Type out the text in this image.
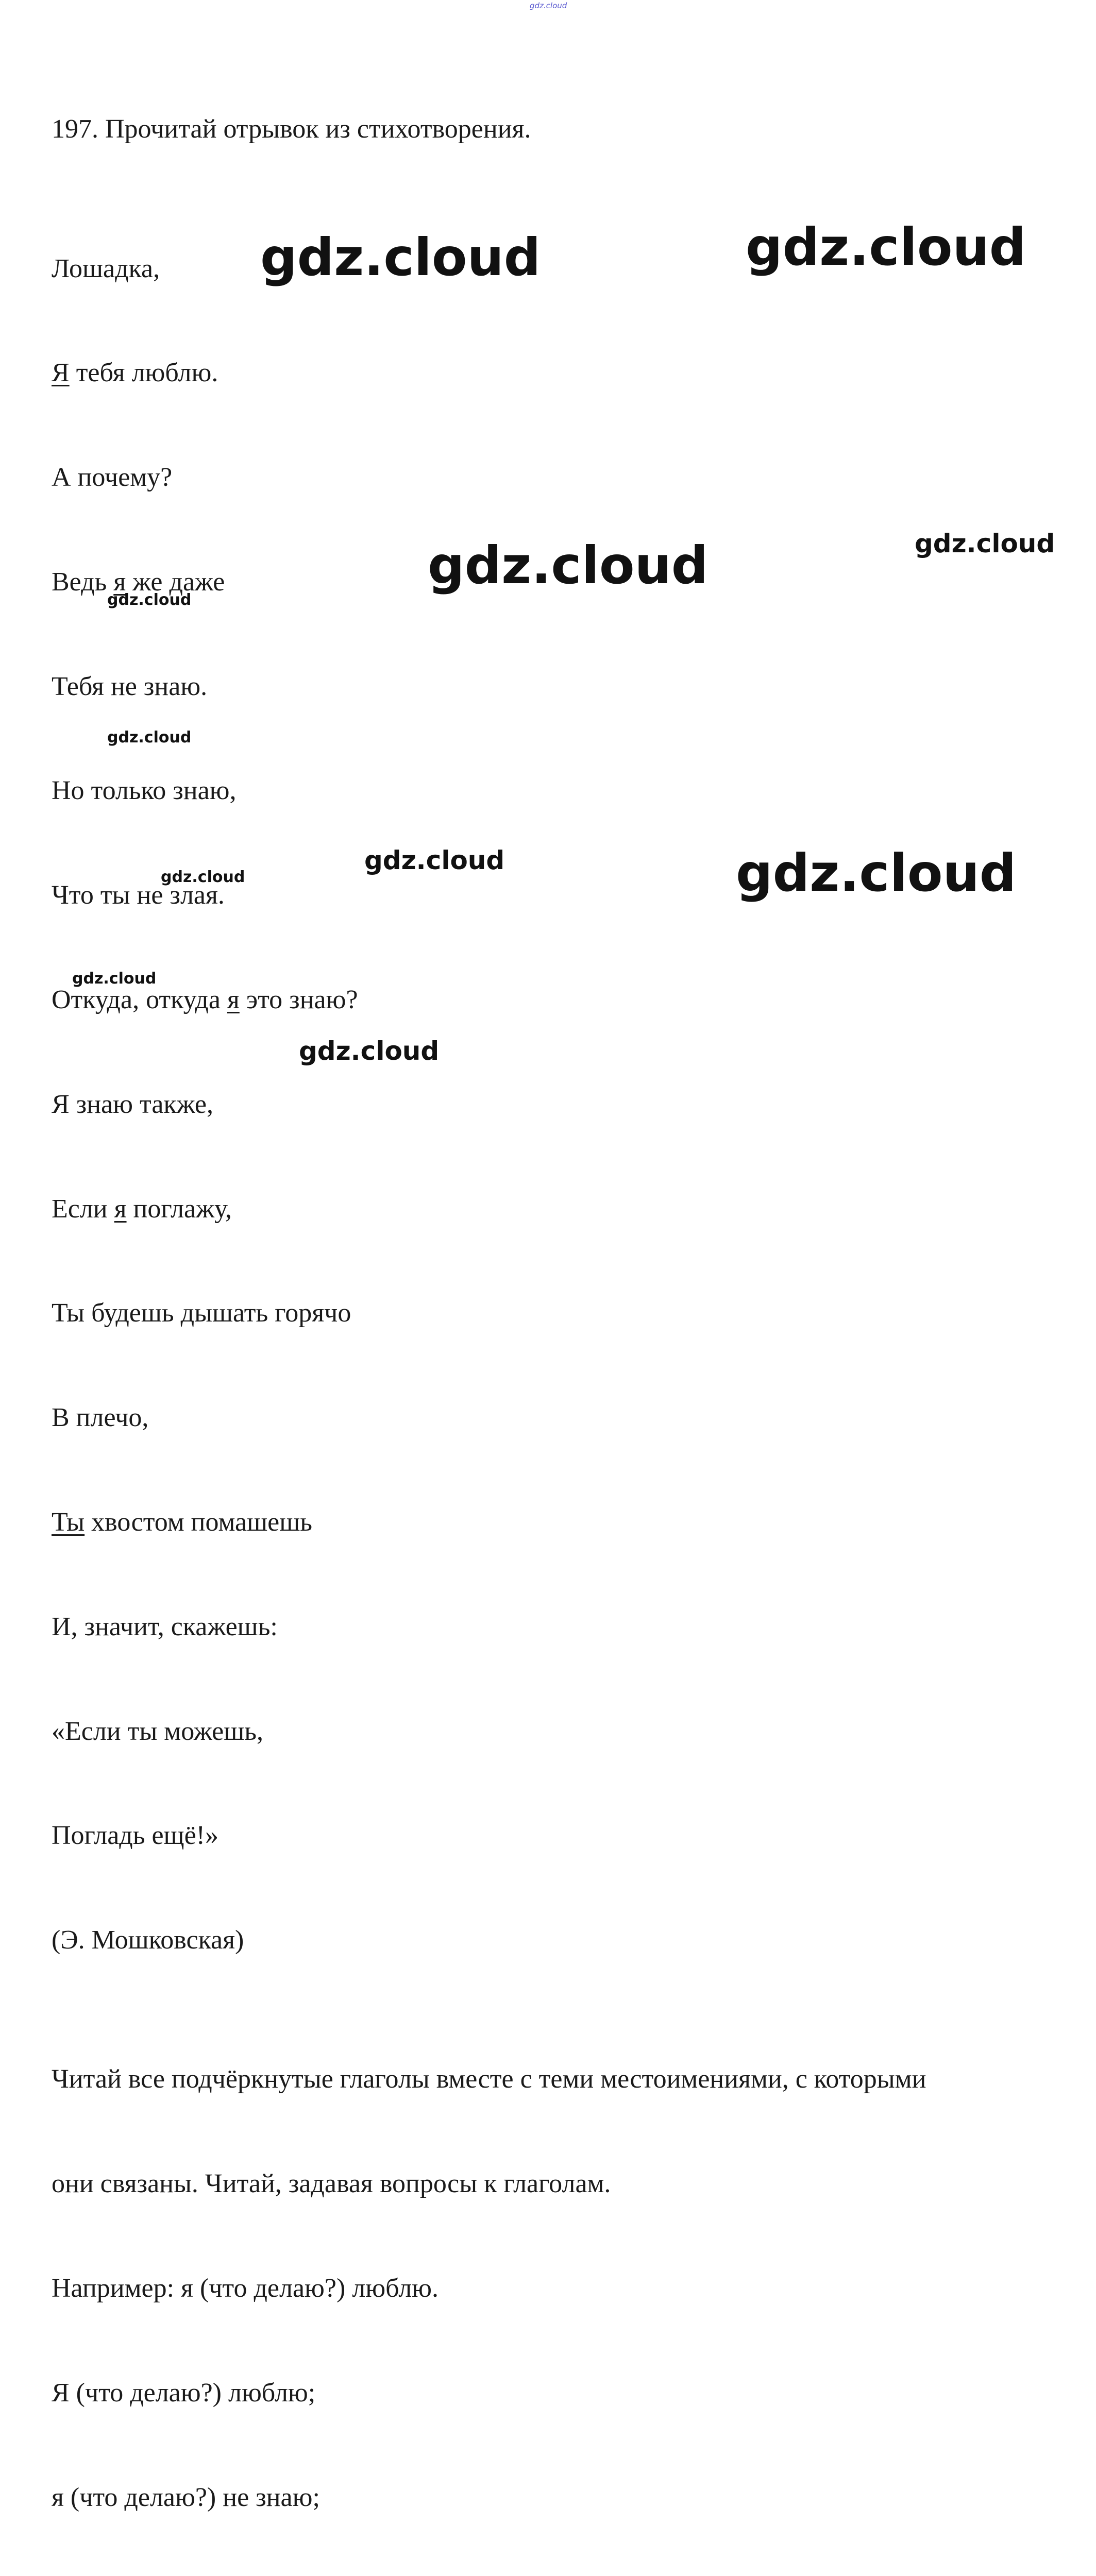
gdz.cloud

197. Прочитай отрывок из стихотворения.

Лошадка,

Я тебя люблю.

А почему?

Ведь я же даже

Тебя не знаю.

Но только знаю,

Что ты не злая.

Откуда, откуда я это знаю?

Я знаю также,

Если я поглажу,

Ты будешь дышать горячо

В плечо,

Ты хвостом помашешь

И, значит, скажешь:

«Если ты можешь,

Погладь ещё!»

(Э. Мошковская)

Читай все подчёркнутые глаголы вместе с теми местоимениями, с которыми

они связаны. Читай, задавая вопросы к глаголам.

Например: я (что делаю?) люблю.

Я (что делаю?) люблю;

я (что делаю?) не знаю;

gdz.cloud	gdz.cloud
gdz.cloud	gdz.cloud
gdz.cloud
gdz.cloud
gdz.cloud	gdz.cloud
gdz.cloud
gdz.cloud
gdz.cloud
